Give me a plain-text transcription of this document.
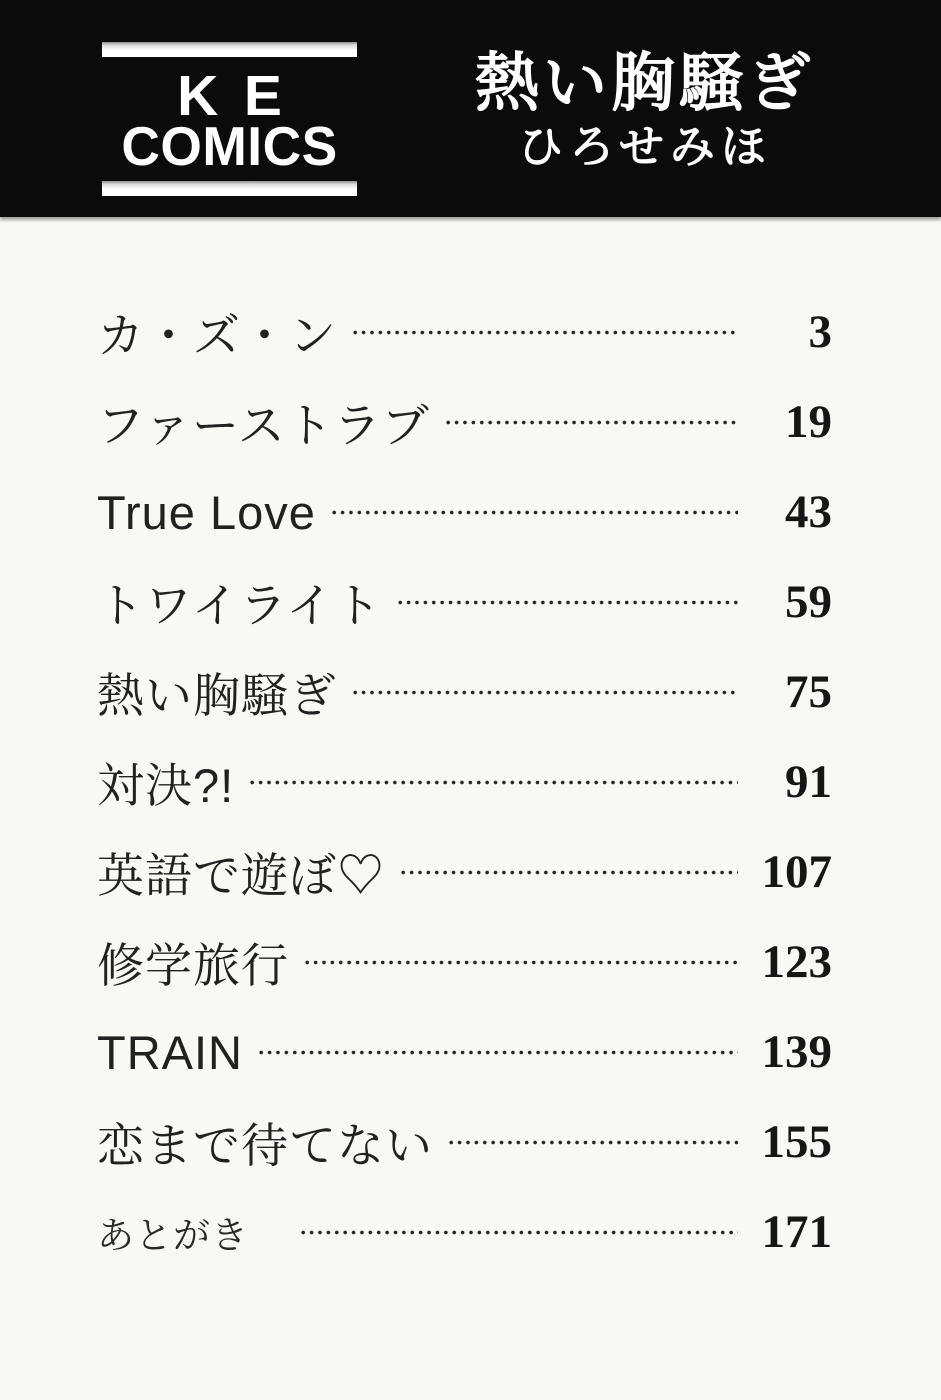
KE
COMICS
熱い胸騒ぎ
ひろせみほ
カ・ズ・ン	3
ファーストラブ	19
True Love	43
トワイライト	59
熱い胸騒ぎ	75
対決?!	91
英語で遊ぼ♡	107
修学旅行	123
TRAIN	139
恋まで待てない	155
あとがき	171
